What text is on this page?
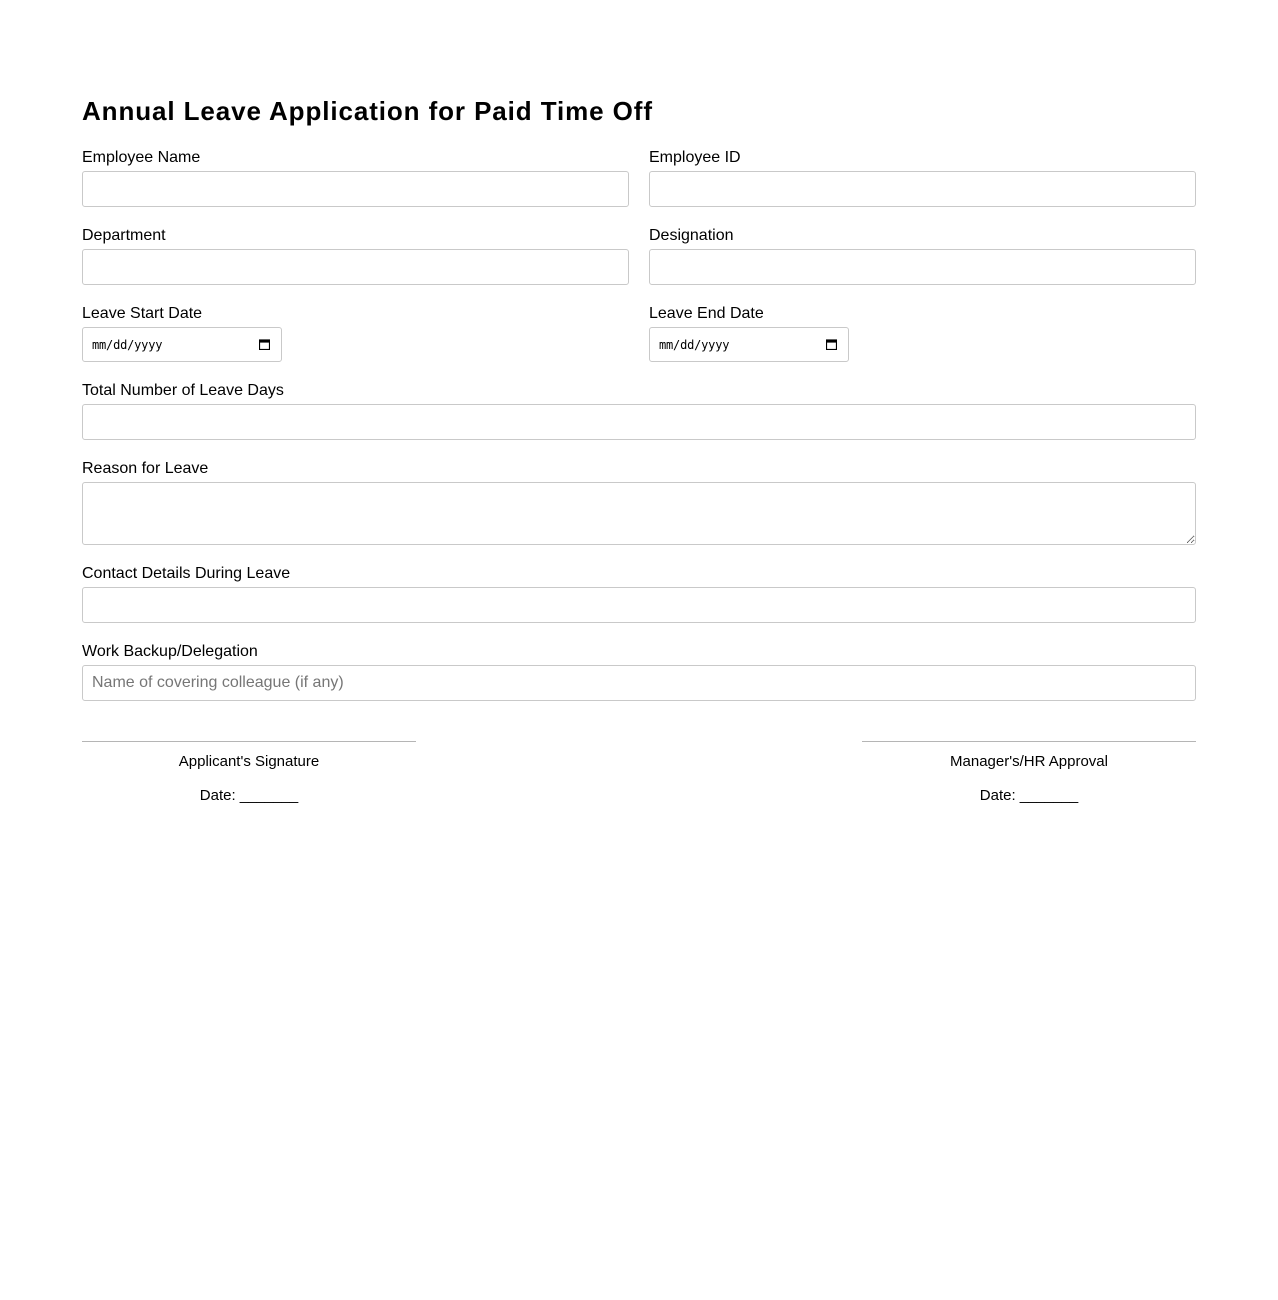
Annual Leave Application for Paid Time Off
Employee Name	Employee ID
Department	Designation
Leave Start Date
mm/dd/yyyy
Leave End Date
mm/dd/yyyy
Total Number of Leave Days
Reason for Leave
Contact Details During Leave
Work Backup/Delegation
Name of covering colleague (if any)
Applicant's Signature
Date: _______
Manager's/HR Approval
Date: _______
